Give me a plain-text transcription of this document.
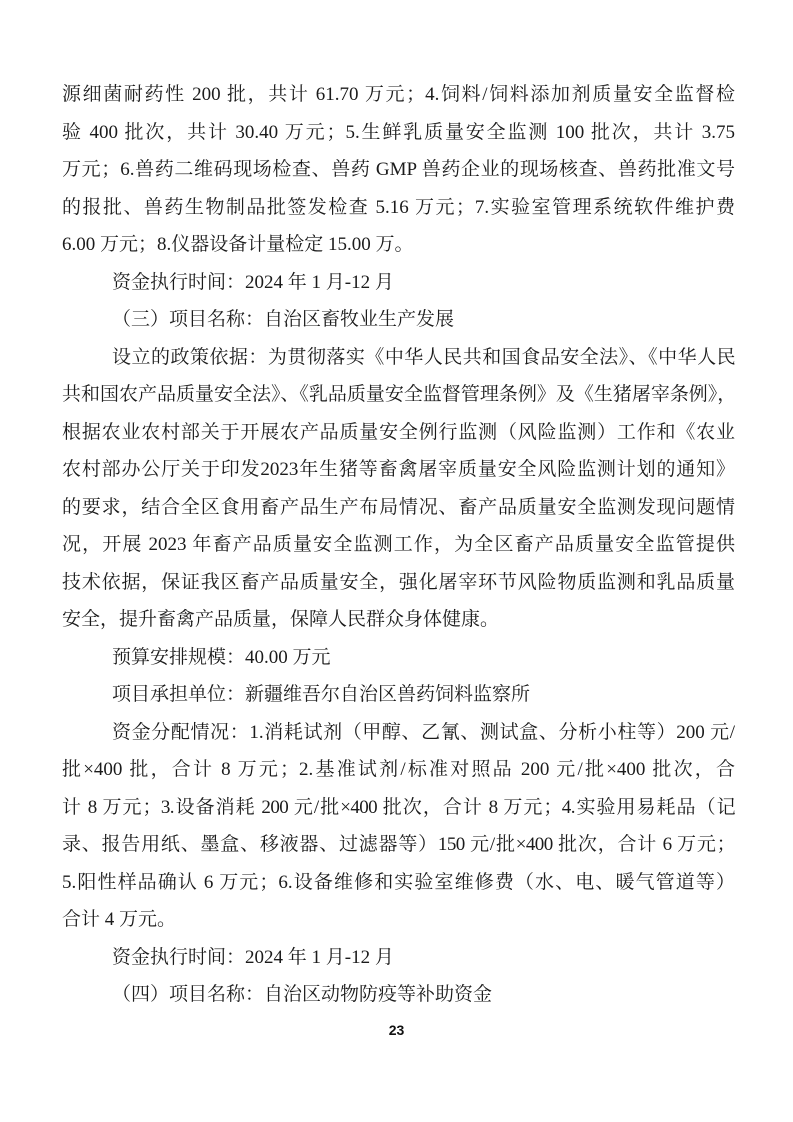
源细菌耐药性 200 批，共计 61.70 万元；4.饲料/饲料添加剂质量安全监督检
验 400 批次，共计 30.40 万元；5.生鲜乳质量安全监测 100 批次，共计 3.75
万元；6.兽药二维码现场检查、兽药 GMP 兽药企业的现场核查、兽药批准文号
的报批、兽药生物制品批签发检查 5.16 万元；7.实验室管理系统软件维护费
6.00 万元；8.仪器设备计量检定 15.00 万。
资金执行时间：2024 年 1 月-12 月
（三）项目名称：自治区畜牧业生产发展
设立的政策依据：为贯彻落实《中华人民共和国食品安全法》、《中华人民
共和国农产品质量安全法》、《乳品质量安全监督管理条例》及《生猪屠宰条例》，
根据农业农村部关于开展农产品质量安全例行监测（风险监测）工作和《农业
农村部办公厅关于印发2023年生猪等畜禽屠宰质量安全风险监测计划的通知》
的要求，结合全区食用畜产品生产布局情况、畜产品质量安全监测发现问题情
况，开展 2023 年畜产品质量安全监测工作，为全区畜产品质量安全监管提供
技术依据，保证我区畜产品质量安全，强化屠宰环节风险物质监测和乳品质量
安全，提升畜禽产品质量，保障人民群众身体健康。
预算安排规模：40.00 万元
项目承担单位：新疆维吾尔自治区兽药饲料监察所
资金分配情况：1.消耗试剂（甲醇、乙氰、测试盒、分析小柱等）200 元/
批×400 批，合计 8 万元；2.基准试剂/标准对照品 200 元/批×400 批次，合
计 8 万元；3.设备消耗 200 元/批×400 批次，合计 8 万元；4.实验用易耗品（记
录、报告用纸、墨盒、移液器、过滤器等）150 元/批×400 批次，合计 6 万元；
5.阳性样品确认 6 万元；6.设备维修和实验室维修费（水、电、暖气管道等）
合计 4 万元。
资金执行时间：2024 年 1 月-12 月
（四）项目名称：自治区动物防疫等补助资金
23
